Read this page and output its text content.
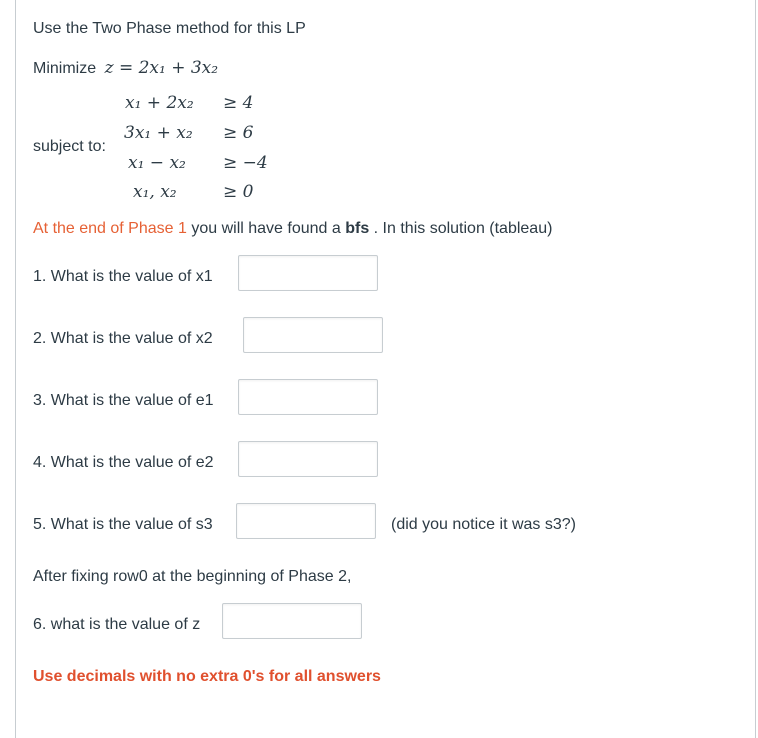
Use the Two Phase method for this LP
Minimize z = 2x₁ + 3x₂
subject to:
x₁ + 2x₂ ≥ 4
3x₁ + x₂ ≥ 6
x₁ − x₂ ≥ −4
x₁, x₂	≥ 0
At the end of Phase 1 you will have found a bfs . In this solution (tableau)
1. What is the value of x1
2. What is the value of x2
3. What is the value of e1
4. What is the value of e2
5. What is the value of s3	(did you notice it was s3?)
After fixing row0 at the beginning of Phase 2,
6. what is the value of z
Use decimals with no extra 0's for all answers
